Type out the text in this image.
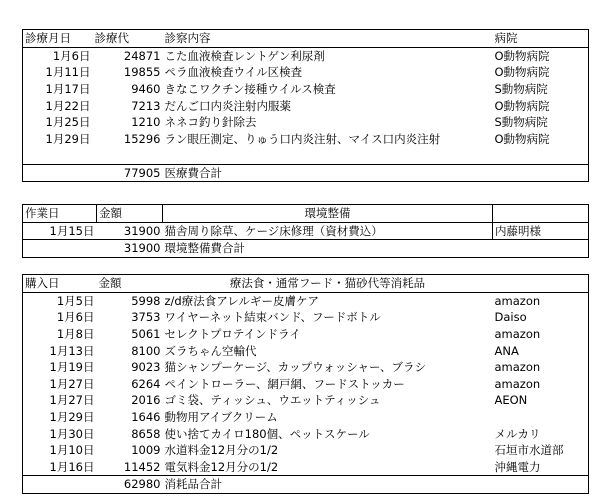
診療月日	診療代	診察内容	病院
1月6日	24871	こた血液検査レントゲン利尿剤	O動物病院
1月11日	19855	ペラ血液検査ウイル区検査	O動物病院
1月17日	9460	きなこワクチン接種ウイルス検査	S動物病院
1月22日	7213	だんご口内炎注射内服薬	O動物病院
1月25日	1210	ネネコ釣り針除去	S動物病院
1月29日	15296	ラン眼圧測定、りゅう口内炎注射、マイス口内炎注射	O動物病院

	77905	医療費合計	
作業日	金額	環境整備	
1月15日	31900	猫舎周り除草、ケージ床修理（資材費込）	内藤明様
	31900	環境整備費合計	
購入日	金額	療法食・通常フード・猫砂代等消耗品	
1月5日	5998	z/d療法食アレルギー皮膚ケア	amazon
1月6日	3753	ワイヤーネット結束バンド、フードボトル	Daiso
1月8日	5061	セレクトプロテインドライ	amazon
1月13日	8100	ズラちゃん空輸代	ANA
1月19日	9023	猫シャンプーケージ、カップウォッシャー、ブラシ	amazon
1月27日	6264	ペイントローラー、網戸網、フードストッカー	amazon
1月27日	2016	ゴミ袋、ティッシュ、ウエットティッシュ	AEON
1月29日	1646	動物用アイブクリーム	
1月30日	8658	使い捨てカイロ180個、ペットスケール	メルカリ
1月10日	1009	水道料金12月分の1/2	石垣市水道部
1月16日	11452	電気料金12月分の1/2	沖縄電力
	62980	消耗品合計	
